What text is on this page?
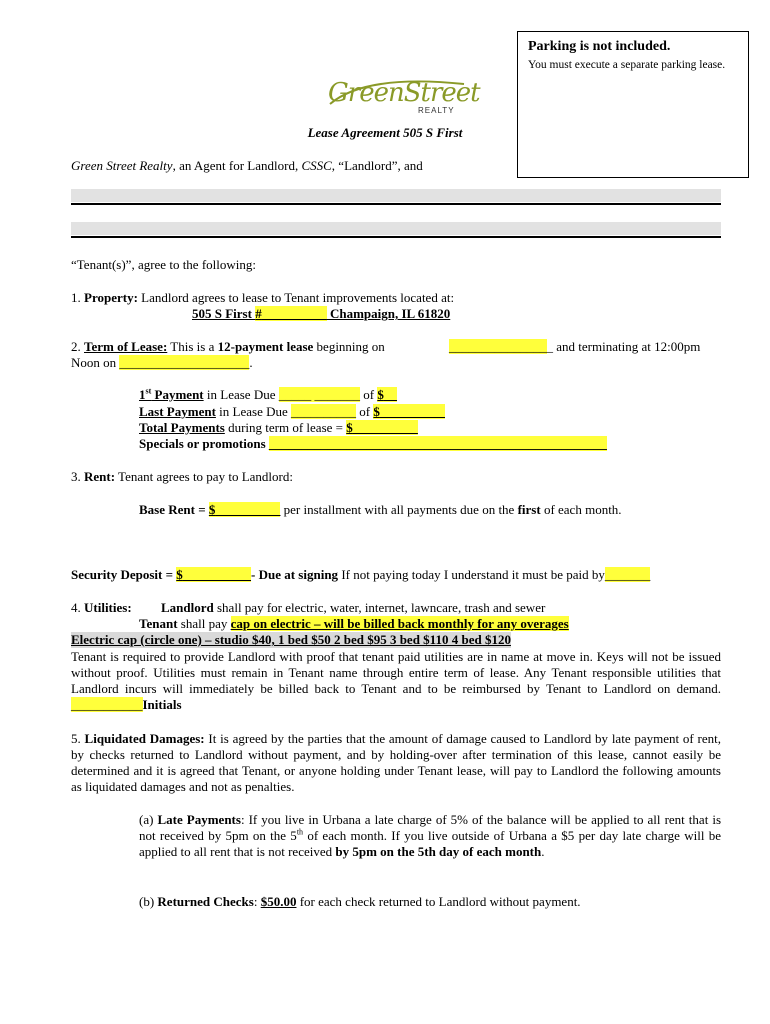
Parking is not included.
You must execute a separate parking lease.
GreenStreet
REALTY
Lease Agreement 505 S First
Green Street Realty, an Agent for Landlord, CSSC, “Landlord”, and
“Tenant(s)”, agree to the following:
1. Property: Landlord agrees to lease to Tenant improvements located at:
505 S First #__________ Champaign, IL 61820
2. Term of Lease: This is a 12-payment lease beginning on	________________ and terminating at 12:00pm
Noon on ____________________.
1st Payment in Lease Due _____ _______ of $__
Last Payment in Lease Due __________ of $__________
Total Payments during term of lease = $__________
Specials or promotions ____________________________________________________
3. Rent: Tenant agrees to pay to Landlord:
Base Rent = $__________ per installment with all payments due on the first of each month.
Security Deposit = $__________ - Due at signing If not paying today I understand it must be paid by_______
4. Utilities: Landlord shall pay for electric, water, internet, lawncare, trash and sewer
Tenant shall pay cap on electric – will be billed back monthly for any overages
Electric cap (circle one) – studio $40, 1 bed $50 2 bed $95 3 bed $110 4 bed $120
Tenant is required to provide Landlord with proof that tenant paid utilities are in name at move in. Keys will not be issued without proof. Utilities must remain in Tenant name through entire term of lease. Any Tenant responsible utilities that Landlord incurs will immediately be billed back to Tenant and to be reimbursed by Tenant to Landlord on demand. ___________Initials
5. Liquidated Damages: It is agreed by the parties that the amount of damage caused to Landlord by late payment of rent, by checks returned to Landlord without payment, and by holding-over after termination of this lease, cannot easily be determined and it is agreed that Tenant, or anyone holding under Tenant lease, will pay to Landlord the following amounts as liquidated damages and not as penalties.
(a) Late Payments: If you live in Urbana a late charge of 5% of the balance will be applied to all rent that is not received by 5pm on the 5th of each month. If you live outside of Urbana a $5 per day late charge will be applied to all rent that is not received by 5pm on the 5th day of each month.
(b) Returned Checks: $50.00 for each check returned to Landlord without payment.
